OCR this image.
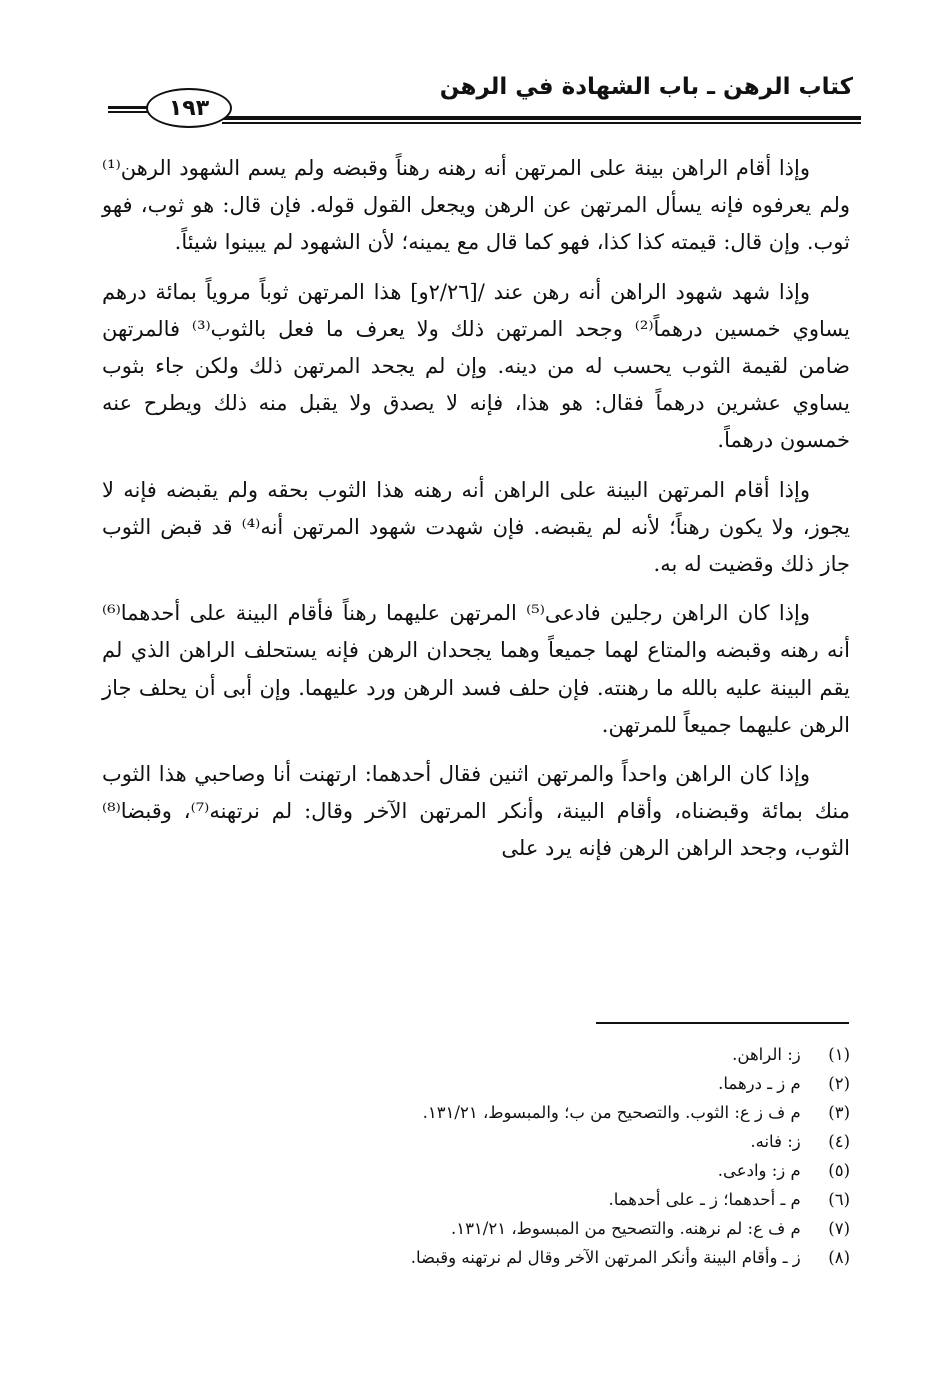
كتاب الرهن ـ باب الشهادة في الرهن
١٩٣

وإذا أقام الراهن بينة على المرتهن أنه رهنه رهناً وقبضه ولم يسم الشهود الرهن⁽¹⁾ ولم يعرفوه فإنه يسأل المرتهن عن الرهن ويجعل القول قوله. فإن قال: هو ثوب، فهو ثوب. وإن قال: قيمته كذا كذا، فهو كما قال مع يمينه؛ لأن الشهود لم يبينوا شيئاً.

وإذا شهد شهود الراهن أنه رهن عند /[٢/٢٦و] هذا المرتهن ثوباً مروياً بمائة درهم يساوي خمسين درهماً⁽²⁾ وجحد المرتهن ذلك ولا يعرف ما فعل بالثوب⁽³⁾ فالمرتهن ضامن لقيمة الثوب يحسب له من دينه. وإن لم يجحد المرتهن ذلك ولكن جاء بثوب يساوي عشرين درهماً فقال: هو هذا، فإنه لا يصدق ولا يقبل منه ذلك ويطرح عنه خمسون درهماً.

وإذا أقام المرتهن البينة على الراهن أنه رهنه هذا الثوب بحقه ولم يقبضه فإنه لا يجوز، ولا يكون رهناً؛ لأنه لم يقبضه. فإن شهدت شهود المرتهن أنه⁽⁴⁾ قد قبض الثوب جاز ذلك وقضيت له به.

وإذا كان الراهن رجلين فادعى⁽⁵⁾ المرتهن عليهما رهناً فأقام البينة على أحدهما⁽⁶⁾ أنه رهنه وقبضه والمتاع لهما جميعاً وهما يجحدان الرهن فإنه يستحلف الراهن الذي لم يقم البينة عليه بالله ما رهنته. فإن حلف فسد الرهن ورد عليهما. وإن أبى أن يحلف جاز الرهن عليهما جميعاً للمرتهن.

وإذا كان الراهن واحداً والمرتهن اثنين فقال أحدهما: ارتهنت أنا وصاحبي هذا الثوب منك بمائة وقبضناه، وأقام البينة، وأنكر المرتهن الآخر وقال: لم نرتهنه⁽⁷⁾، وقبضا⁽⁸⁾ الثوب، وجحد الراهن الرهن فإنه يرد على

(١) ز: الراهن.
(٢) م ز ـ درهما.
(٣) م ف ز ع: الثوب. والتصحيح من ب؛ والمبسوط، ١٣١/٢١.
(٤) ز: فانه.
(٥) م ز: وادعى.
(٦) م ـ أحدهما؛ ز ـ على أحدهما.
(٧) م ف ع: لم نرهنه. والتصحيح من المبسوط، ١٣١/٢١.
(٨) ز ـ وأقام البينة وأنكر المرتهن الآخر وقال لم نرتهنه وقبضا.
